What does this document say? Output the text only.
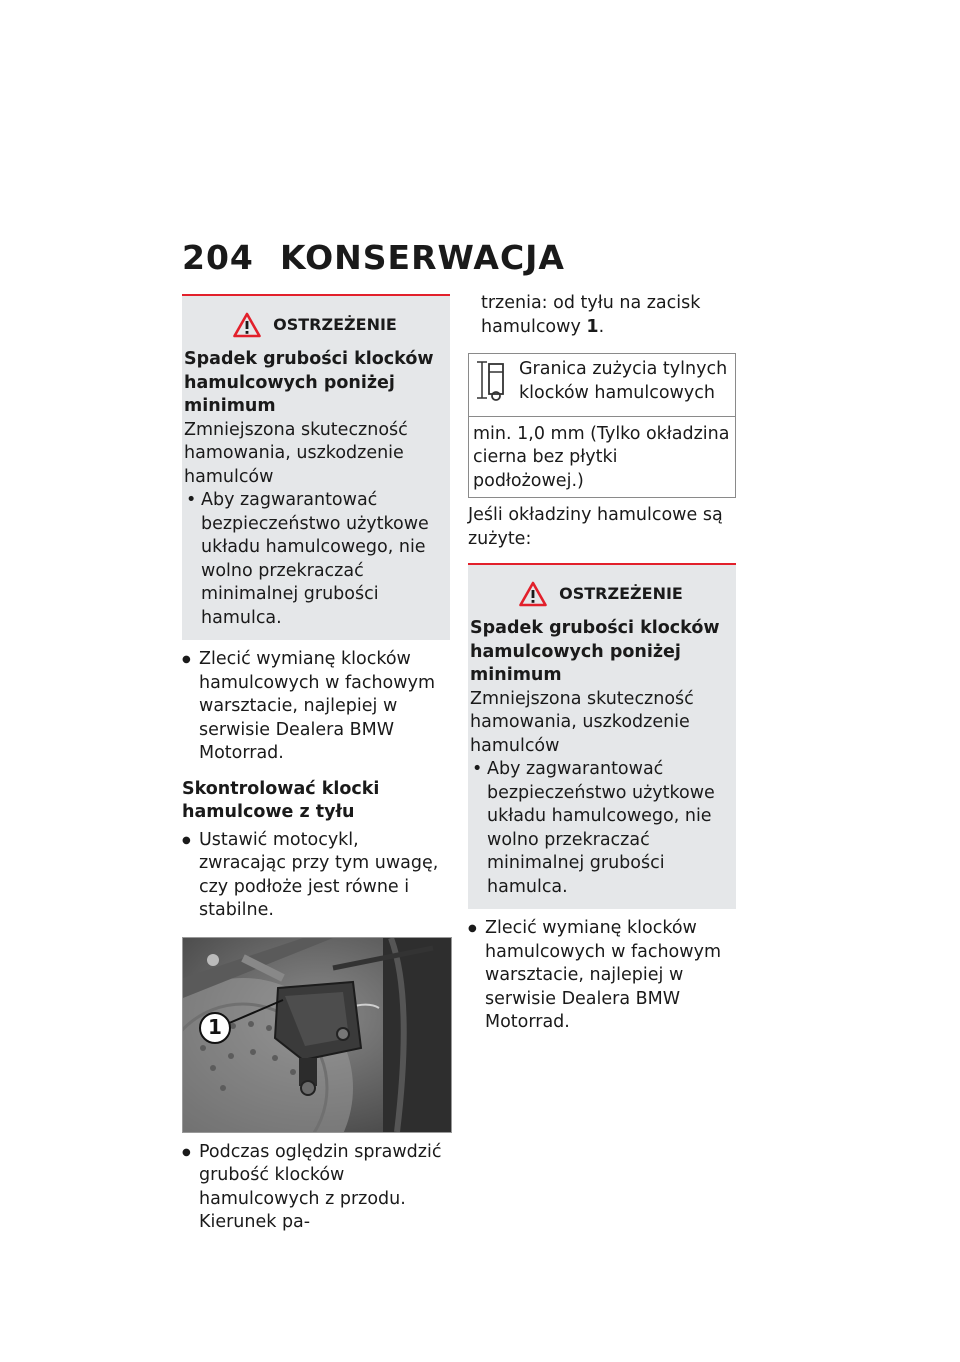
204 KONSERWACJA
OSTRZEŻENIE
Spadek grubości klocków hamulcowych poniżej minimum
Zmniejszona skuteczność hamowania, uszkodzenie hamulców
• Aby zagwarantować bezpieczeństwo użytkowe układu hamulcowego, nie wolno przekraczać minimalnej grubości hamulca.
● Zlecić wymianę klocków hamulcowych w fachowym warsztacie, najlepiej w serwisie Dealera BMW Motorrad.
Skontrolować klocki hamulcowe z tyłu
● Ustawić motocykl, zwracając przy tym uwagę, czy podłoże jest równe i stabilne.
1
● Podczas oględzin sprawdzić grubość klocków hamulcowych z przodu. Kierunek pa-
trzenia: od tyłu na zacisk hamulcowy 1.
Granica zużycia tylnych klocków hamulcowych
min. 1,0 mm (Tylko okładzina cierna bez płytki podłożowej.)
Jeśli okładziny hamulcowe są zużyte:
OSTRZEŻENIE
Spadek grubości klocków hamulcowych poniżej minimum
Zmniejszona skuteczność hamowania, uszkodzenie hamulców
• Aby zagwarantować bezpieczeństwo użytkowe układu hamulcowego, nie wolno przekraczać minimalnej grubości hamulca.
● Zlecić wymianę klocków hamulcowych w fachowym warsztacie, najlepiej w serwisie Dealera BMW Motorrad.
